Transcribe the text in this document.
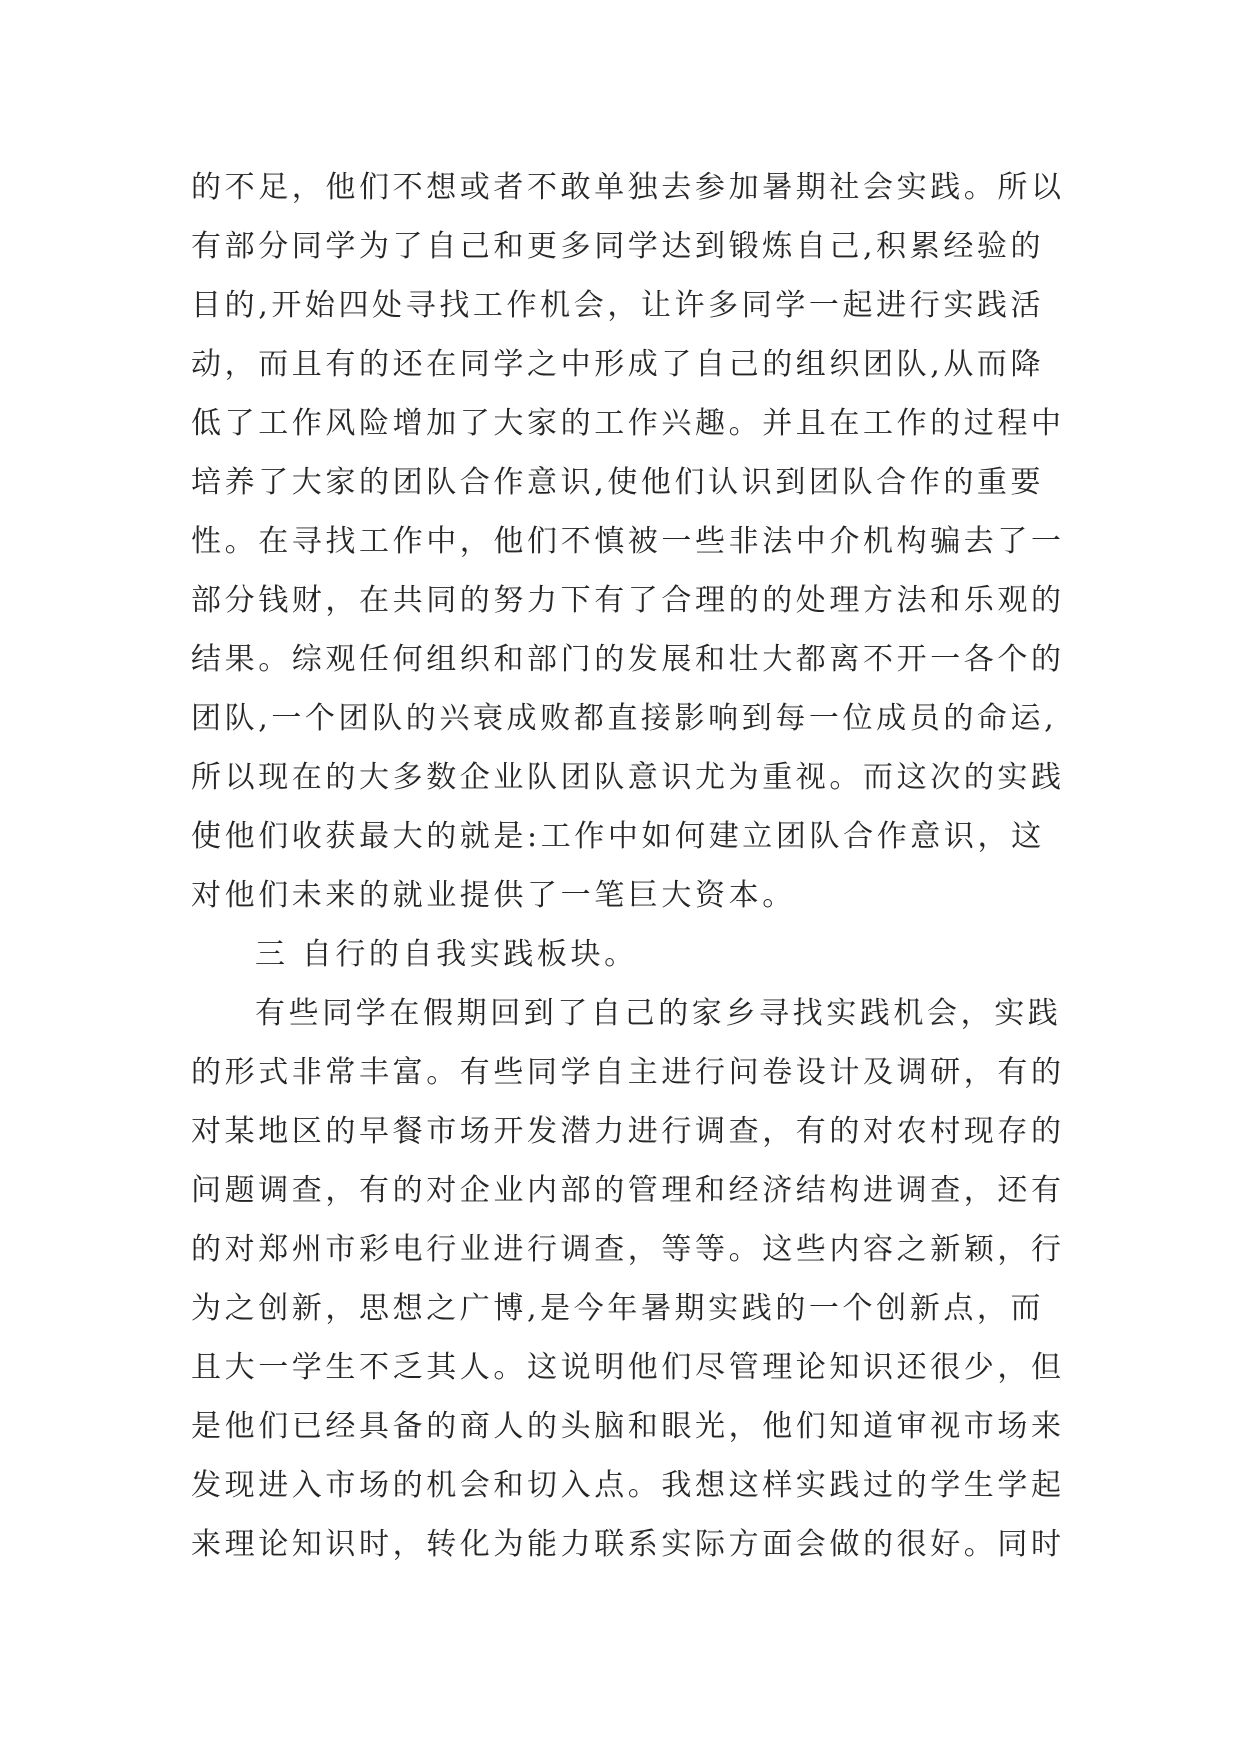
的不足，他们不想或者不敢单独去参加暑期社会实践。所以
有部分同学为了自己和更多同学达到锻炼自己,积累经验的
目的,开始四处寻找工作机会，让许多同学一起进行实践活
动，而且有的还在同学之中形成了自己的组织团队,从而降
低了工作风险增加了大家的工作兴趣。并且在工作的过程中
培养了大家的团队合作意识,使他们认识到团队合作的重要
性。在寻找工作中，他们不慎被一些非法中介机构骗去了一
部分钱财，在共同的努力下有了合理的的处理方法和乐观的
结果。综观任何组织和部门的发展和壮大都离不开一各个的
团队,一个团队的兴衰成败都直接影响到每一位成员的命运,
所以现在的大多数企业队团队意识尤为重视。而这次的实践
使他们收获最大的就是:工作中如何建立团队合作意识，这
对他们未来的就业提供了一笔巨大资本。
三 自行的自我实践板块。
有些同学在假期回到了自己的家乡寻找实践机会，实践
的形式非常丰富。有些同学自主进行问卷设计及调研，有的
对某地区的早餐市场开发潜力进行调查，有的对农村现存的
问题调查，有的对企业内部的管理和经济结构进调查，还有
的对郑州市彩电行业进行调查，等等。这些内容之新颖，行
为之创新，思想之广博,是今年暑期实践的一个创新点，而
且大一学生不乏其人。这说明他们尽管理论知识还很少，但
是他们已经具备的商人的头脑和眼光，他们知道审视市场来
发现进入市场的机会和切入点。我想这样实践过的学生学起
来理论知识时，转化为能力联系实际方面会做的很好。同时
